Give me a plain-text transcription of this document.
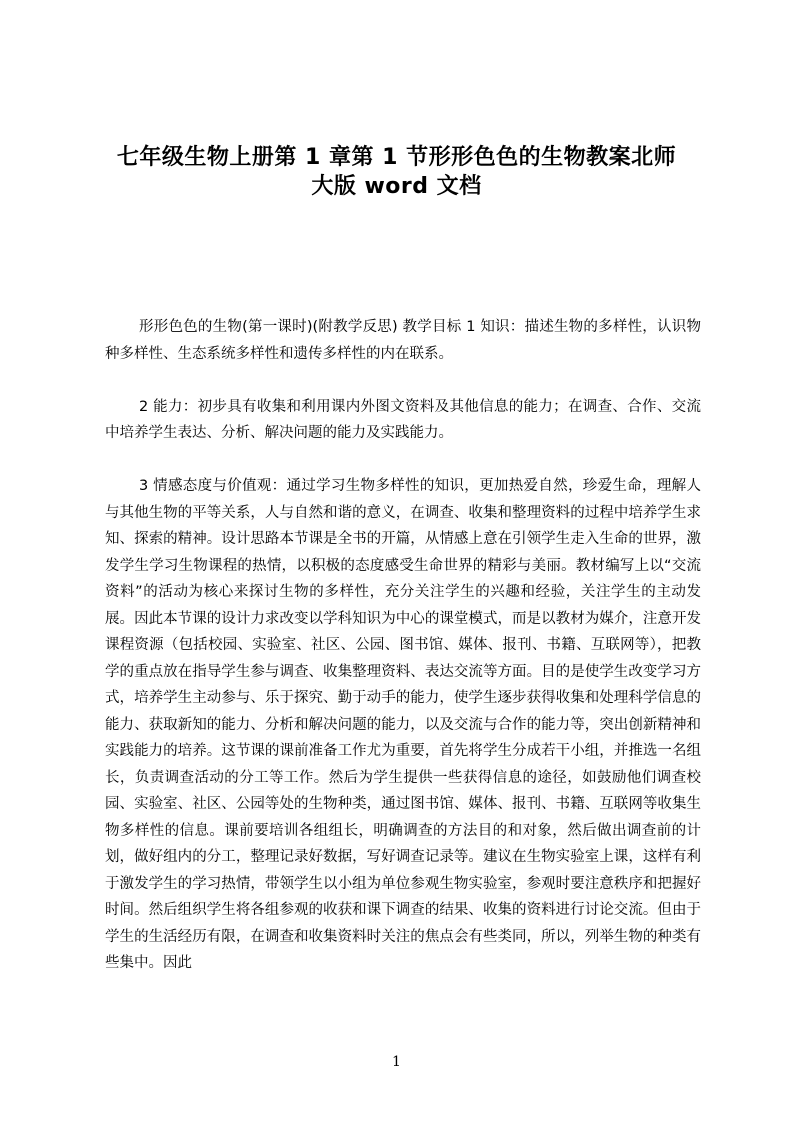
七年级生物上册第 1 章第 1 节形形色色的生物教案北师
大版 word 文档

形形色色的生物(第一课时)(附教学反思) 教学目标 1 知识：描述生物的多样性，认识物种多样性、生态系统多样性和遗传多样性的内在联系。

2 能力：初步具有收集和利用课内外图文资料及其他信息的能力；在调查、合作、交流中培养学生表达、分析、解决问题的能力及实践能力。

3 情感态度与价值观：通过学习生物多样性的知识，更加热爱自然，珍爱生命，理解人与其他生物的平等关系，人与自然和谐的意义，在调查、收集和整理资料的过程中培养学生求知、探索的精神。设计思路本节课是全书的开篇，从情感上意在引领学生走入生命的世界，激发学生学习生物课程的热情，以积极的态度感受生命世界的精彩与美丽。教材编写上以“交流资料”的活动为核心来探讨生物的多样性，充分关注学生的兴趣和经验，关注学生的主动发展。因此本节课的设计力求改变以学科知识为中心的课堂模式，而是以教材为媒介，注意开发课程资源（包括校园、实验室、社区、公园、图书馆、媒体、报刊、书籍、互联网等），把教学的重点放在指导学生参与调查、收集整理资料、表达交流等方面。目的是使学生改变学习方式，培养学生主动参与、乐于探究、勤于动手的能力，使学生逐步获得收集和处理科学信息的能力、获取新知的能力、分析和解决问题的能力，以及交流与合作的能力等，突出创新精神和实践能力的培养。这节课的课前准备工作尤为重要，首先将学生分成若干小组，并推选一名组长，负责调查活动的分工等工作。然后为学生提供一些获得信息的途径，如鼓励他们调查校园、实验室、社区、公园等处的生物种类，通过图书馆、媒体、报刊、书籍、互联网等收集生物多样性的信息。课前要培训各组组长，明确调查的方法目的和对象，然后做出调查前的计划，做好组内的分工，整理记录好数据，写好调查记录等。建议在生物实验室上课，这样有利于激发学生的学习热情，带领学生以小组为单位参观生物实验室，参观时要注意秩序和把握好时间。然后组织学生将各组参观的收获和课下调查的结果、收集的资料进行讨论交流。但由于学生的生活经历有限，在调查和收集资料时关注的焦点会有些类同，所以，列举生物的种类有些集中。因此

1
